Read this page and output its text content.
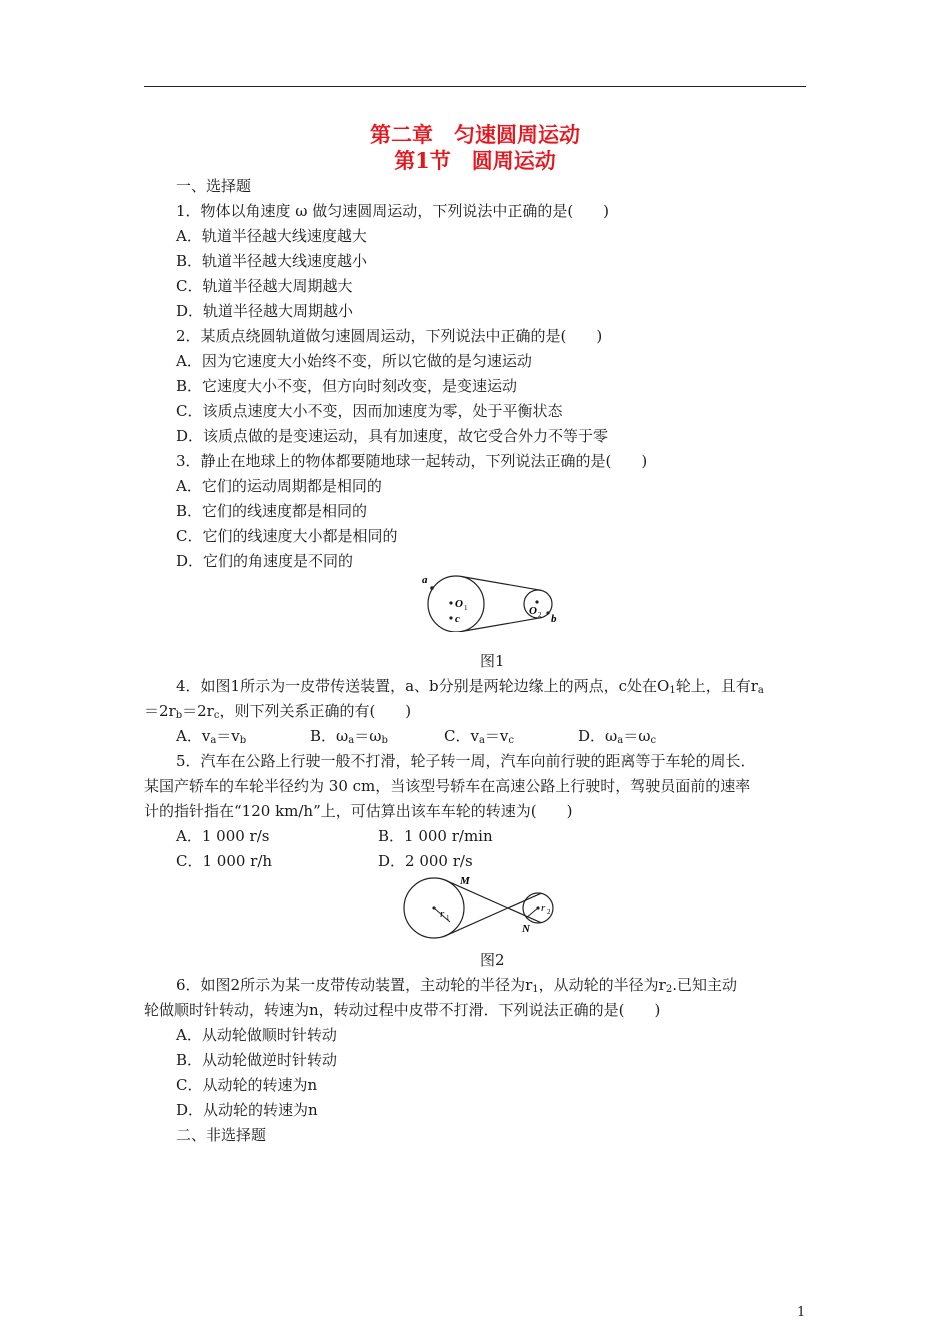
第二章　匀速圆周运动
第1节　圆周运动
一、选择题
1．物体以角速度 ω 做匀速圆周运动，下列说法中正确的是(　　)
A．轨道半径越大线速度越大
B．轨道半径越大线速度越小
C．轨道半径越大周期越大
D．轨道半径越大周期越小
2．某质点绕圆轨道做匀速圆周运动，下列说法中正确的是(　　)
A．因为它速度大小始终不变，所以它做的是匀速运动
B．它速度大小不变，但方向时刻改变，是变速运动
C．该质点速度大小不变，因而加速度为零，处于平衡状态
D．该质点做的是变速运动，具有加速度，故它受合外力不等于零
3．静止在地球上的物体都要随地球一起转动，下列说法正确的是(　　)
A．它们的运动周期都是相同的
B．它们的线速度都是相同的
C．它们的线速度大小都是相同的
D．它们的角速度是不同的
a
O 1
c
O 2 b
图1
4．如图1所示为一皮带传送装置，a、b分别是两轮边缘上的两点，c处在$O_1$轮上，且有$r_a$
$=2r_b=2r_c$，则下列关系正确的有(　　)
A．$v_a=v_b$	B．$\omega_a=\omega_b$	C．$v_a=v_c$	D．$\omega_a=\omega_c$
5．汽车在公路上行驶一般不打滑，轮子转一周，汽车向前行驶的距离等于车轮的周长．
某国产轿车的车轮半径约为 30 cm，当该型号轿车在高速公路上行驶时，驾驶员面前的速率
计的指针指在“120 km/h”上，可估算出该车车轮的转速为(　　)
A．1 000 r/s	B．1 000 r/min
C．1 000 r/h	D．2 000 r/s
M
N
r 1
r 2
图2
6．如图2所示为某一皮带传动装置，主动轮的半径为$r_1$，从动轮的半径为$r_2$.已知主动
轮做顺时针转动，转速为n，转动过程中皮带不打滑．下列说法正确的是(　　)
A．从动轮做顺时针转动
B．从动轮做逆时针转动
C．从动轮的转速为n
D．从动轮的转速为n
二、非选择题
1
